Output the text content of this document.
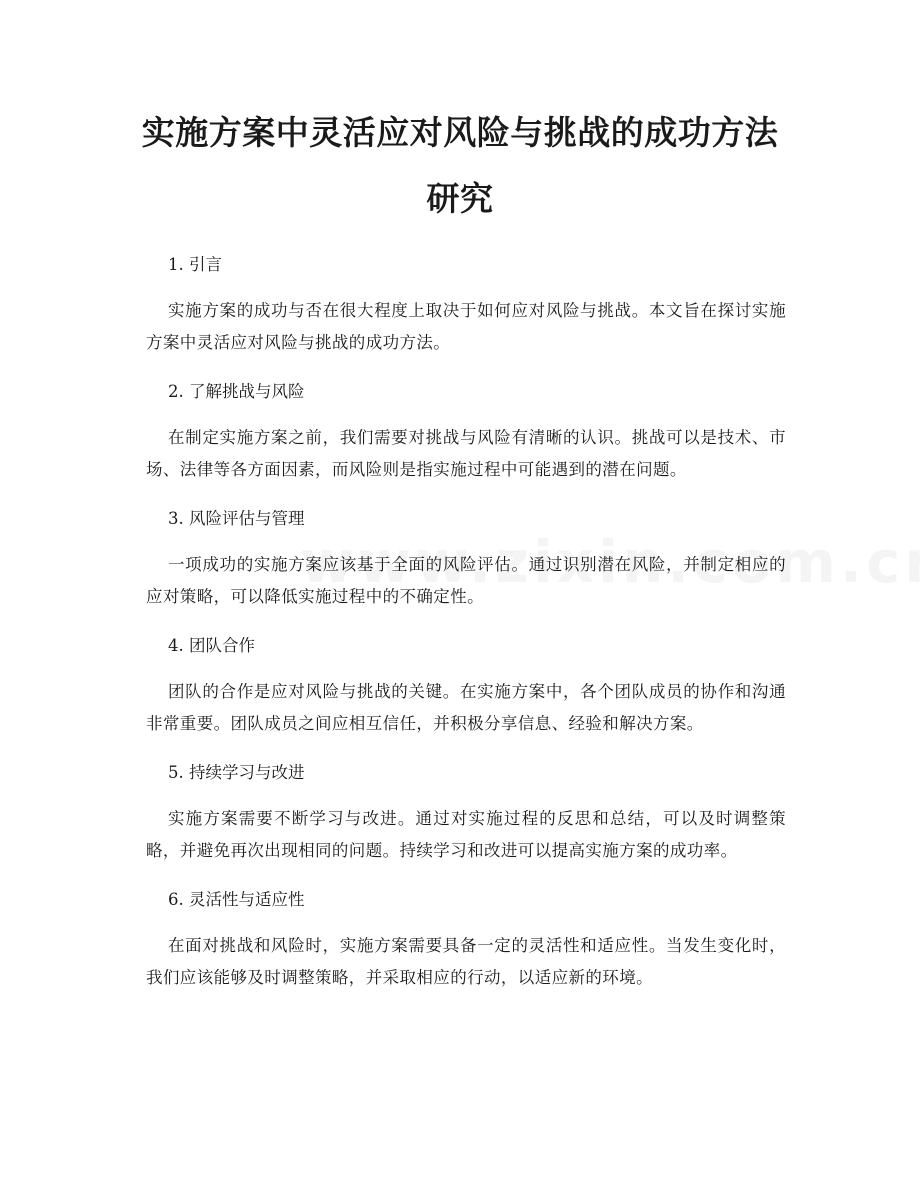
实施方案中灵活应对风险与挑战的成功方法
研究

1. 引言

实施方案的成功与否在很大程度上取决于如何应对风险与挑战。本文旨在探讨实施方案中灵活应对风险与挑战的成功方法。

2. 了解挑战与风险

在制定实施方案之前，我们需要对挑战与风险有清晰的认识。挑战可以是技术、市场、法律等各方面因素，而风险则是指实施过程中可能遇到的潜在问题。

3. 风险评估与管理

一项成功的实施方案应该基于全面的风险评估。通过识别潜在风险，并制定相应的应对策略，可以降低实施过程中的不确定性。

4. 团队合作

团队的合作是应对风险与挑战的关键。在实施方案中，各个团队成员的协作和沟通非常重要。团队成员之间应相互信任，并积极分享信息、经验和解决方案。

5. 持续学习与改进

实施方案需要不断学习与改进。通过对实施过程的反思和总结，可以及时调整策略，并避免再次出现相同的问题。持续学习和改进可以提高实施方案的成功率。

6. 灵活性与适应性

在面对挑战和风险时，实施方案需要具备一定的灵活性和适应性。当发生变化时，我们应该能够及时调整策略，并采取相应的行动，以适应新的环境。
